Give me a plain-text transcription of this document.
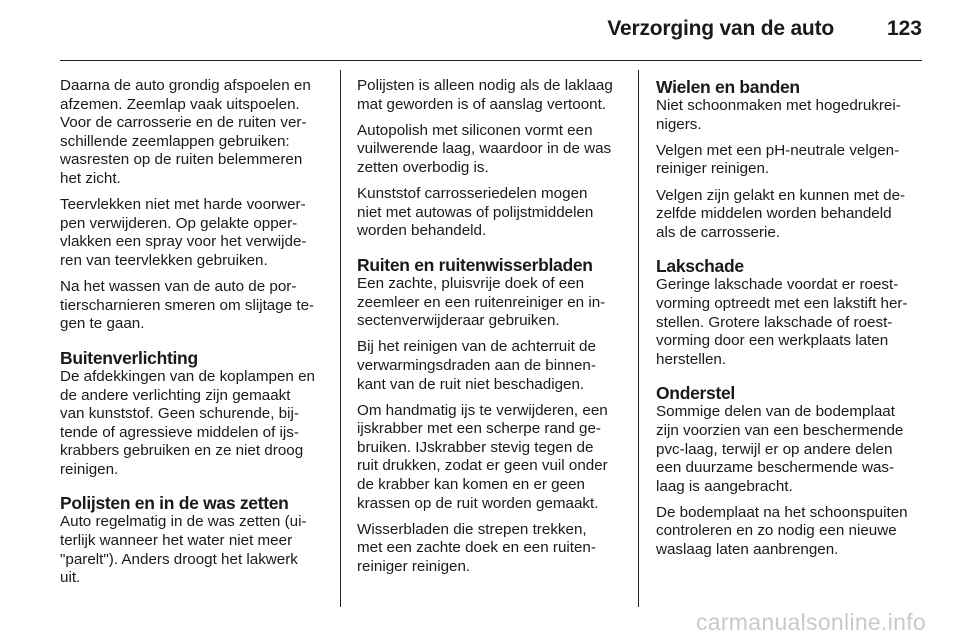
Verzorging van de auto	123

Daarna de auto grondig afspoelen en
afzemen. Zeemlap vaak uitspoelen.
Voor de carrosserie en de ruiten ver-
schillende zeemlappen gebruiken:
wasresten op de ruiten belemmeren
het zicht.

Teervlekken niet met harde voorwer-
pen verwijderen. Op gelakte opper-
vlakken een spray voor het verwijde-
ren van teervlekken gebruiken.

Na het wassen van de auto de por-
tierscharnieren smeren om slijtage te-
gen te gaan.

Buitenverlichting

De afdekkingen van de koplampen en
de andere verlichting zijn gemaakt
van kunststof. Geen schurende, bij-
tende of agressieve middelen of ijs-
krabbers gebruiken en ze niet droog
reinigen.

Polijsten en in de was zetten

Auto regelmatig in de was zetten (ui-
terlijk wanneer het water niet meer
"parelt"). Anders droogt het lakwerk
uit.

Polijsten is alleen nodig als de laklaag
mat geworden is of aanslag vertoont.

Autopolish met siliconen vormt een
vuilwerende laag, waardoor in de was
zetten overbodig is.

Kunststof carrosseriedelen mogen
niet met autowas of polijstmiddelen
worden behandeld.

Ruiten en ruitenwisserbladen

Een zachte, pluisvrije doek of een
zeemleer en een ruitenreiniger en in-
sectenverwijderaar gebruiken.

Bij het reinigen van de achterruit de
verwarmingsdraden aan de binnen-
kant van de ruit niet beschadigen.

Om handmatig ijs te verwijderen, een
ijskrabber met een scherpe rand ge-
bruiken. IJskrabber stevig tegen de
ruit drukken, zodat er geen vuil onder
de krabber kan komen en er geen
krassen op de ruit worden gemaakt.

Wisserbladen die strepen trekken,
met een zachte doek en een ruiten-
reiniger reinigen.

Wielen en banden

Niet schoonmaken met hogedrukrei-
nigers.

Velgen met een pH-neutrale velgen-
reiniger reinigen.

Velgen zijn gelakt en kunnen met de-
zelfde middelen worden behandeld
als de carrosserie.

Lakschade

Geringe lakschade voordat er roest-
vorming optreedt met een lakstift her-
stellen. Grotere lakschade of roest-
vorming door een werkplaats laten
herstellen.

Onderstel

Sommige delen van de bodemplaat
zijn voorzien van een beschermende
pvc-laag, terwijl er op andere delen
een duurzame beschermende was-
laag is aangebracht.

De bodemplaat na het schoonspuiten
controleren en zo nodig een nieuwe
waslaag laten aanbrengen.

carmanualsonline.info
